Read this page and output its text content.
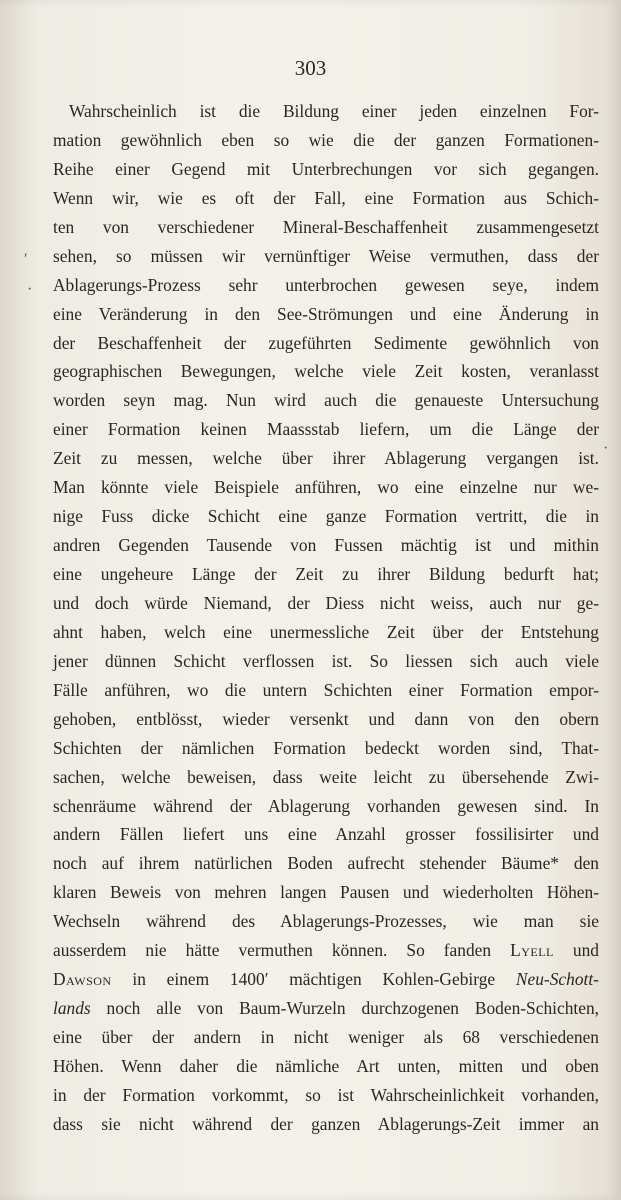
303
′
·
·
Wahrscheinlich ist die Bildung einer jeden einzelnen For-
mation gewöhnlich eben so wie die der ganzen Formationen-
Reihe einer Gegend mit Unterbrechungen vor sich gegangen.
Wenn wir, wie es oft der Fall, eine Formation aus Schich-
ten von verschiedener Mineral-Beschaffenheit zusammengesetzt
sehen, so müssen wir vernünftiger Weise vermuthen, dass der
Ablagerungs-Prozess sehr unterbrochen gewesen seye, indem
eine Veränderung in den See-Strömungen und eine Änderung in
der Beschaffenheit der zugeführten Sedimente gewöhnlich von
geographischen Bewegungen, welche viele Zeit kosten, veranlasst
worden seyn mag. Nun wird auch die genaueste Untersuchung
einer Formation keinen Maassstab liefern, um die Länge der
Zeit zu messen, welche über ihrer Ablagerung vergangen ist.
Man könnte viele Beispiele anführen, wo eine einzelne nur we-
nige Fuss dicke Schicht eine ganze Formation vertritt, die in
andren Gegenden Tausende von Fussen mächtig ist und mithin
eine ungeheure Länge der Zeit zu ihrer Bildung bedurft hat;
und doch würde Niemand, der Diess nicht weiss, auch nur ge-
ahnt haben, welch eine unermessliche Zeit über der Entstehung
jener dünnen Schicht verflossen ist. So liessen sich auch viele
Fälle anführen, wo die untern Schichten einer Formation empor-
gehoben, entblösst, wieder versenkt und dann von den obern
Schichten der nämlichen Formation bedeckt worden sind, That-
sachen, welche beweisen, dass weite leicht zu übersehende Zwi-
schenräume während der Ablagerung vorhanden gewesen sind. In
andern Fällen liefert uns eine Anzahl grosser fossilisirter und
noch auf ihrem natürlichen Boden aufrecht stehender Bäume* den
klaren Beweis von mehren langen Pausen und wiederholten Höhen-
Wechseln während des Ablagerungs-Prozesses, wie man sie
ausserdem nie hätte vermuthen können. So fanden Lyell und
Dawson in einem 1400′ mächtigen Kohlen-Gebirge Neu-Schott-
lands noch alle von Baum-Wurzeln durchzogenen Boden-Schichten,
eine über der andern in nicht weniger als 68 verschiedenen
Höhen. Wenn daher die nämliche Art unten, mitten und oben
in der Formation vorkommt, so ist Wahrscheinlichkeit vorhanden,
dass sie nicht während der ganzen Ablagerungs-Zeit immer an
